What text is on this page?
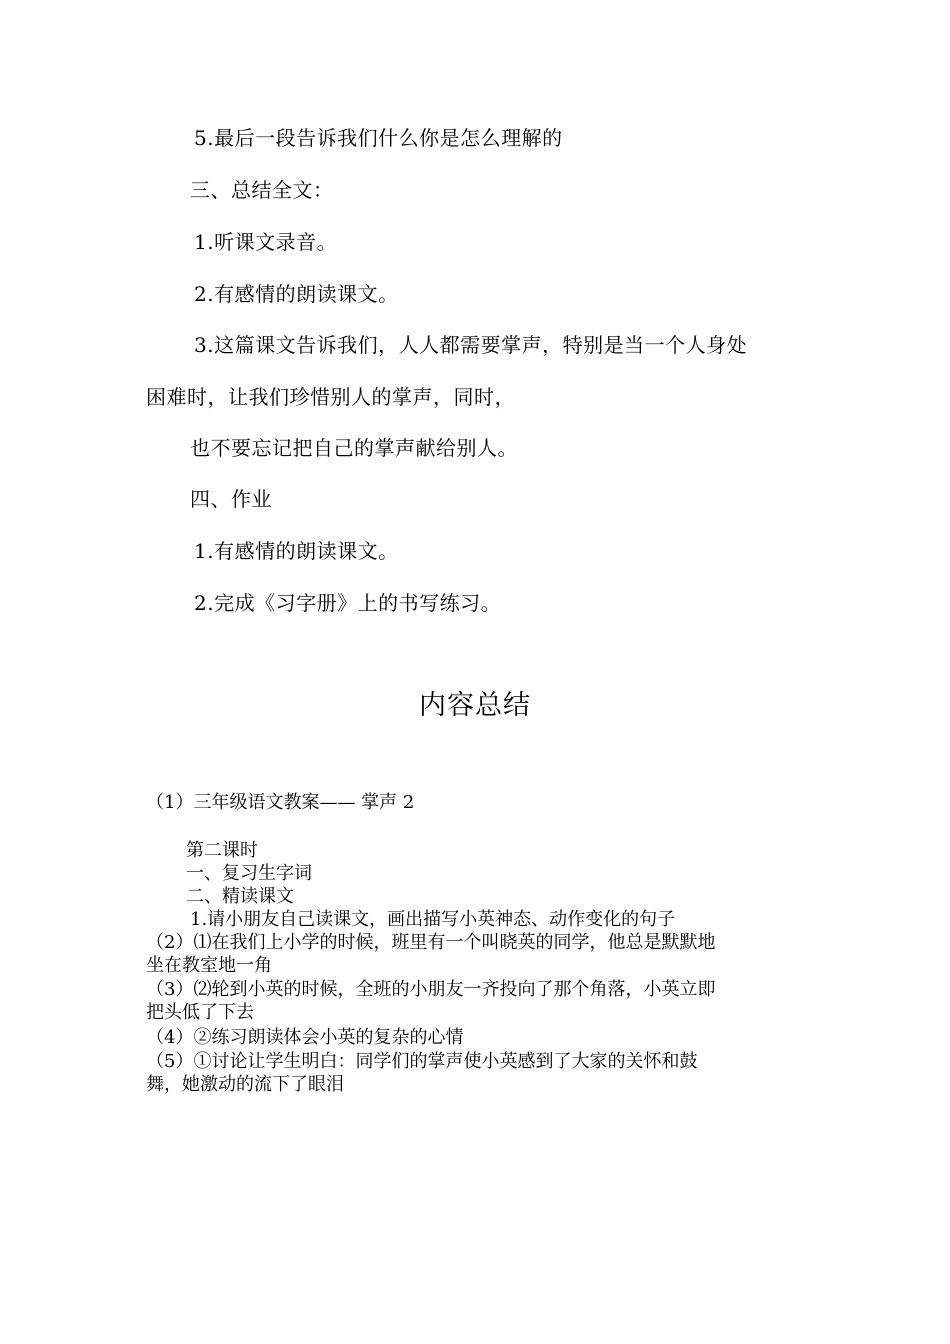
5.最后一段告诉我们什么你是怎么理解的
三、总结全文：
1.听课文录音。
2.有感情的朗读课文。
3.这篇课文告诉我们，人人都需要掌声，特别是当一个人身处
困难时，让我们珍惜别人的掌声，同时，
也不要忘记把自己的掌声献给别人。
四、作业
1.有感情的朗读课文。
2.完成《习字册》上的书写练习。
内容总结
（1）三年级语文教案—— 掌声 2
第二课时
一、复习生字词
二、精读课文
1.请小朋友自己读课文，画出描写小英神态、动作变化的句子
（2）⑴在我们上小学的时候，班里有一个叫晓英的同学，他总是默默地
坐在教室地一角
（3）⑵轮到小英的时候，全班的小朋友一齐投向了那个角落，小英立即
把头低了下去
（4）②练习朗读体会小英的复杂的心情
（5）①讨论让学生明白：同学们的掌声使小英感到了大家的关怀和鼓
舞，她激动的流下了眼泪
